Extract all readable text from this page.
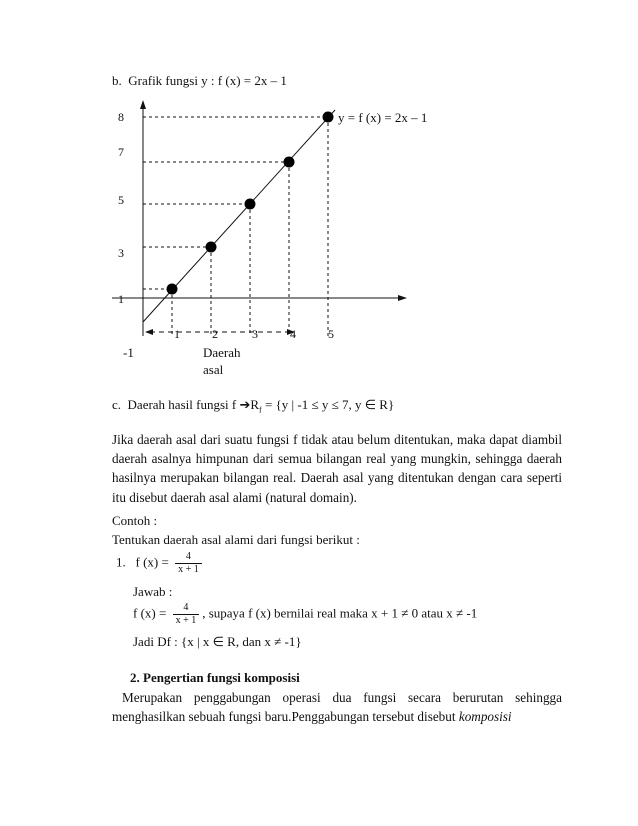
b. Grafik fungsi y : f (x) = 2x – 1
8
7
5
3
1
1	2	3	4	5
y = f (x) = 2x – 1
-1	Daerah
asal
c. Daerah hasil fungsi f $➔R_f = \{y$ | -1 ≤ y ≤ 7, y ∈ R}
Jika daerah asal dari suatu fungsi f tidak atau belum ditentukan, maka dapat diambil daerah asalnya himpunan dari semua bilangan real yang mungkin, sehingga daerah hasilnya merupakan bilangan real. Daerah asal yang ditentukan dengan cara seperti itu disebut daerah asal alami (natural domain).
Contoh :
Tentukan daerah asal alami dari fungsi berikut :
1. f $(x) = \frac{4}{x + 1}$
Jawab :
f $(x) = \frac{4}{x + 1}$ , supaya f (x) bernilai real maka x + 1 ≠ 0 atau x ≠ -1
Jadi Df : {x | x ∈ R, dan x ≠ -1}
2. Pengertian fungsi komposisi
Merupakan penggabungan operasi dua fungsi secara berurutan sehingga menghasilkan sebuah fungsi baru.Penggabungan tersebut disebut komposisi
